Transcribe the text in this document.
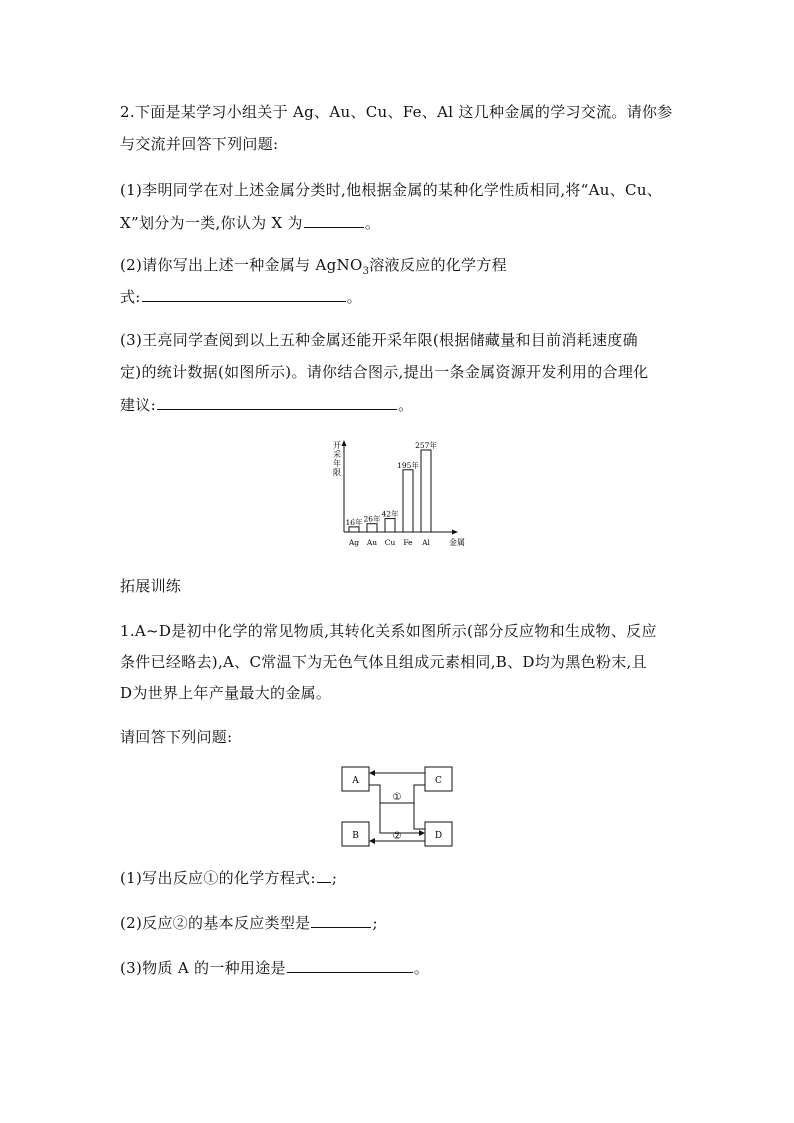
2.下面是某学习小组关于 Ag、Au、Cu、Fe、Al 这几种金属的学习交流。请你参
与交流并回答下列问题:
(1)李明同学在对上述金属分类时,他根据金属的某种化学性质相同,将“Au、Cu、
X”划分为一类,你认为 X 为	。
(2)请你写出上述一种金属与 AgNO$_3$溶液反应的化学方程
式:	。
(3)王亮同学查阅到以上五种金属还能开采年限(根据储藏量和目前消耗速度确
定)的统计数据(如图所示)。请你结合图示,提出一条金属资源开发利用的合理化
建议:	。
开
采
年
限
金属
16年
Ag
26年
Au
42年
Cu
195年
Fe
257年
Al
拓展训练
1.A~D是初中化学的常见物质,其转化关系如图所示(部分反应物和生成物、反应
条件已经略去),A、C常温下为无色气体且组成元素相同,B、D均为黑色粉末,且
D为世界上年产量最大的金属。
请回答下列问题:
A
B
C
D
①
②
(1)写出反应①的化学方程式: ;
(2)反应②的基本反应类型是	;
(3)物质 A 的一种用途是	。
